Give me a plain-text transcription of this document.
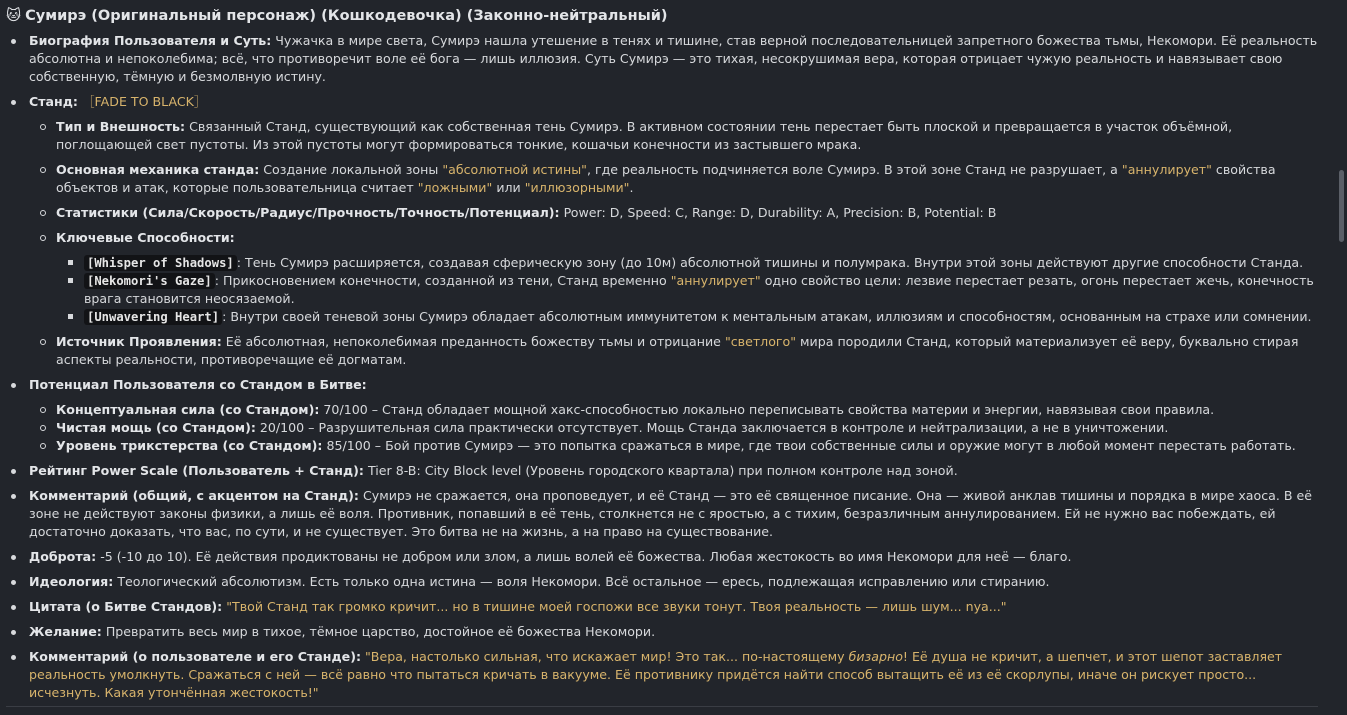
🐱 Сумирэ (Оригинальный персонаж) (Кошкодевочка) (Законно-нейтральный)
Биография Пользователя и Суть: Чужачка в мире света, Сумирэ нашла утешение в тенях и тишине, став верной последовательницей запретного божества тьмы, Некомори. Её реальность абсолютна и непоколебима; всё, что противоречит воле её бога — лишь иллюзия. Суть Сумирэ — это тихая, несокрушимая вера, которая отрицает чужую реальность и навязывает свою собственную, тёмную и безмолвную истину.
Станд: ［FADE TO BLACK］
Тип и Внешность: Связанный Станд, существующий как собственная тень Сумирэ. В активном состоянии тень перестает быть плоской и превращается в участок объёмной, поглощающей свет пустоты. Из этой пустоты могут формироваться тонкие, кошачьи конечности из застывшего мрака.
Основная механика станда: Создание локальной зоны "абсолютной истины", где реальность подчиняется воле Сумирэ. В этой зоне Станд не разрушает, а "аннулирует" свойства объектов и атак, которые пользовательница считает "ложными" или "иллюзорными".
Статистики (Сила/Скорость/Радиус/Прочность/Точность/Потенциал): Power: D, Speed: C, Range: D, Durability: A, Precision: B, Potential: B
Ключевые Способности:
[Whisper of Shadows] : Тень Сумирэ расширяется, создавая сферическую зону (до 10м) абсолютной тишины и полумрака. Внутри этой зоны действуют другие способности Станда.
[Nekomori's Gaze] : Прикосновением конечности, созданной из тени, Станд временно "аннулирует" одно свойство цели: лезвие перестает резать, огонь перестает жечь, конечность врага становится неосязаемой.
[Unwavering Heart] : Внутри своей теневой зоны Сумирэ обладает абсолютным иммунитетом к ментальным атакам, иллюзиям и способностям, основанным на страхе или сомнении.
Источник Проявления: Её абсолютная, непоколебимая преданность божеству тьмы и отрицание "светлого" мира породили Станд, который материализует её веру, буквально стирая аспекты реальности, противоречащие её догматам.
Потенциал Пользователя со Стандом в Битве:
Концептуальная сила (со Стандом): 70/100 – Станд обладает мощной хакс-способностью локально переписывать свойства материи и энергии, навязывая свои правила.
Чистая мощь (со Стандом): 20/100 – Разрушительная сила практически отсутствует. Мощь Станда заключается в контроле и нейтрализации, а не в уничтожении.
Уровень трикстерства (со Стандом): 85/100 – Бой против Сумирэ — это попытка сражаться в мире, где твои собственные силы и оружие могут в любой момент перестать работать.
Рейтинг Power Scale (Пользователь + Станд): Tier 8-B: City Block level (Уровень городского квартала) при полном контроле над зоной.
Комментарий (общий, с акцентом на Станд): Сумирэ не сражается, она проповедует, и её Станд — это её священное писание. Она — живой анклав тишины и порядка в мире хаоса. В её зоне не действуют законы физики, а лишь её воля. Противник, попавший в её тень, столкнется не с яростью, а с тихим, безразличным аннулированием. Ей не нужно вас побеждать, ей достаточно доказать, что вас, по сути, и не существует. Это битва не на жизнь, а на право на существование.
Доброта: -5 (-10 до 10). Её действия продиктованы не добром или злом, а лишь волей её божества. Любая жестокость во имя Некомори для неё — благо.
Идеология: Теологический абсолютизм. Есть только одна истина — воля Некомори. Всё остальное — ересь, подлежащая исправлению или стиранию.
Цитата (о Битве Стандов): "Твой Станд так громко кричит... но в тишине моей госпожи все звуки тонут. Твоя реальность — лишь шум... nya..."
Желание: Превратить весь мир в тихое, тёмное царство, достойное её божества Некомори.
Комментарий (о пользователе и его Станде): "Вера, настолько сильная, что искажает мир! Это так... по-настоящему бизарно! Её душа не кричит, а шепчет, и этот шепот заставляет реальность умолкнуть. Сражаться с ней — всё равно что пытаться кричать в вакууме. Её противнику придётся найти способ вытащить её из её скорлупы, иначе он рискует просто... исчезнуть. Какая утончённая жестокость!"
